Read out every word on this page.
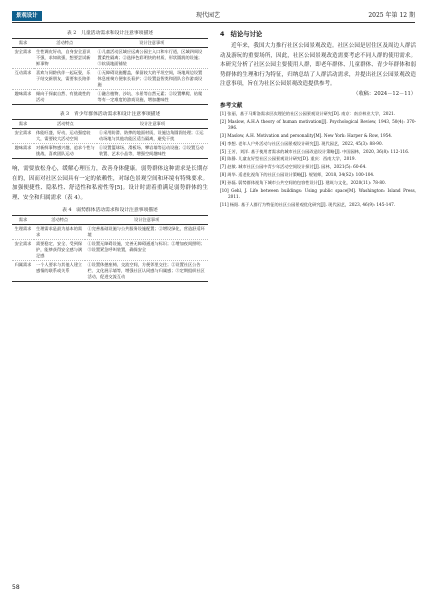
景观设计	现代园艺	2025 年第 12 期
表 2　儿童活动需求和设计注意事项描述
需求	活动特点	设计注意事项
安全需求	生性调皮好动，自身安全意识不强，求知欲强，想要尝试新鲜事物	①儿童活动区域应远离公园主入口和车行道，区域四周设置柔性隔离；②选择色彩明快的材质、形状圆润的设施；③软质地面铺装
互动需求	喜欢与同龄伙伴一起玩耍，乐于结交新朋友，需要家长陪伴	①无障碍设施覆盖，保留较大的平坦空间，场地周边设置休息座椅方便家长看护；②设置益智类和团队合作游戏设施
趣味需求	倾向于探索自然、有挑战性的活动	①融合植物、沙坑、水景等自然元素；②设置攀爬、钻爬等有一定难度的游戏设施，增加趣味性
表 3　青少年群体活动需求和设计注意事项描述
需求	活动特点	设计注意事项
安全需求	体能旺盛，好动，运动强度较大，需要较大活动空间	①采用防滑、防摔的地面材质，设施边角圆润处理；②运动场地与其他功能区适当隔离，避免干扰
趣味需求	对新鲜事物感兴趣，追求个性与挑战，喜欢团队运动	①设置篮球场、滑板场、攀岩墙等运动设施；②设置互动装置、艺术小品等，增强空间趣味性

响，需要放松身心，缓解心理压力，改善身体健康。弱势群体这种需求是长期存在的，因而对社区公园具有一定的依赖性，对绿色景观空间和环境有特殊要求。加强便捷性、隐私性、舒适性和私密性等[5]。设计时需着重满足弱势群体的生理、安全和归属需求（表 4）。

表 4　弱势群体活动需求和设计注意事项描述
需求	活动特点	设计注意事项
生理需求	生理需求是最为基本的需求	①完善基础设施与公共服务设施配置；②增设绿化，营造舒适环境
安全需求	需要稳定、安全、受到保护，能够获得安全感与满足感	①设置无障碍设施，完善无障碍通道与标识；②增加夜间照明；③设置紧急呼叫装置，确保安全
归属需求	一个人要求与其他人建立感情的联系或关系	①设置休憩座椅、交流空间，方便邻里交往；②设置社区公告栏、文化展示墙等，增强社区认同感与归属感；③定期组织社区活动，促进交流互动
4　结论与讨论

近年来，我国大力推行社区公园景观改造。社区公园是居住区及周边人群活动及游玩的重要场所，因此，社区公园景观改造需要考虑不同人群的使用需求。本研究分析了社区公园主要使用人群，即老年群体、儿童群体、青少年群体和弱势群体的生理和行为特征，归纳总结了人群活动需求，并提出社区公园景观改造注意事项，旨在为社区公园景观改造提供参考。

（收稿：2024－12－11）
参考文献
[1] 张丽，基于马斯洛需求层次理论的社区公园景观设计研究[D]. 南京：南京林业大学，2021.
[2] Maslow, A.H.A theory of human motivation[J]. Psychological Review, 1943, 50(4): 370-396.
[3] Maslow, A.H. Motivation and personality[M]. New York: Harper & Row, 1954.
[4] 李想. 老年人户外活动与社区公园景观设计研究[J]. 现代园艺，2022, 45(3): 88-90.
[5] 王芳，刘洋. 基于使用者需求的城市社区公园改造设计策略[J]. 中国园林，2020, 36(8): 112-116.
[6] 陈静. 儿童友好型社区公园景观设计研究[D]. 重庆：西南大学，2019.
[7] 赵敏. 城市社区公园中青少年活动空间设计探讨[J]. 园林，2021(5): 60-64.
[8] 周华. 适老化视角下的社区公园设计策略[J]. 规划师，2018, 34(S2): 100-104.
[9] 孙磊. 弱势群体视角下城市公共空间的包容性设计[J]. 建筑与文化，2020(11): 78-80.
[10] Gehl, J. Life between buildings: Using public space[M]. Washington: Island Press, 2011.
[11] 杨阳. 基于人群行为特征的社区公园景观优化研究[J]. 现代园艺，2023, 46(9): 145-147.
58
